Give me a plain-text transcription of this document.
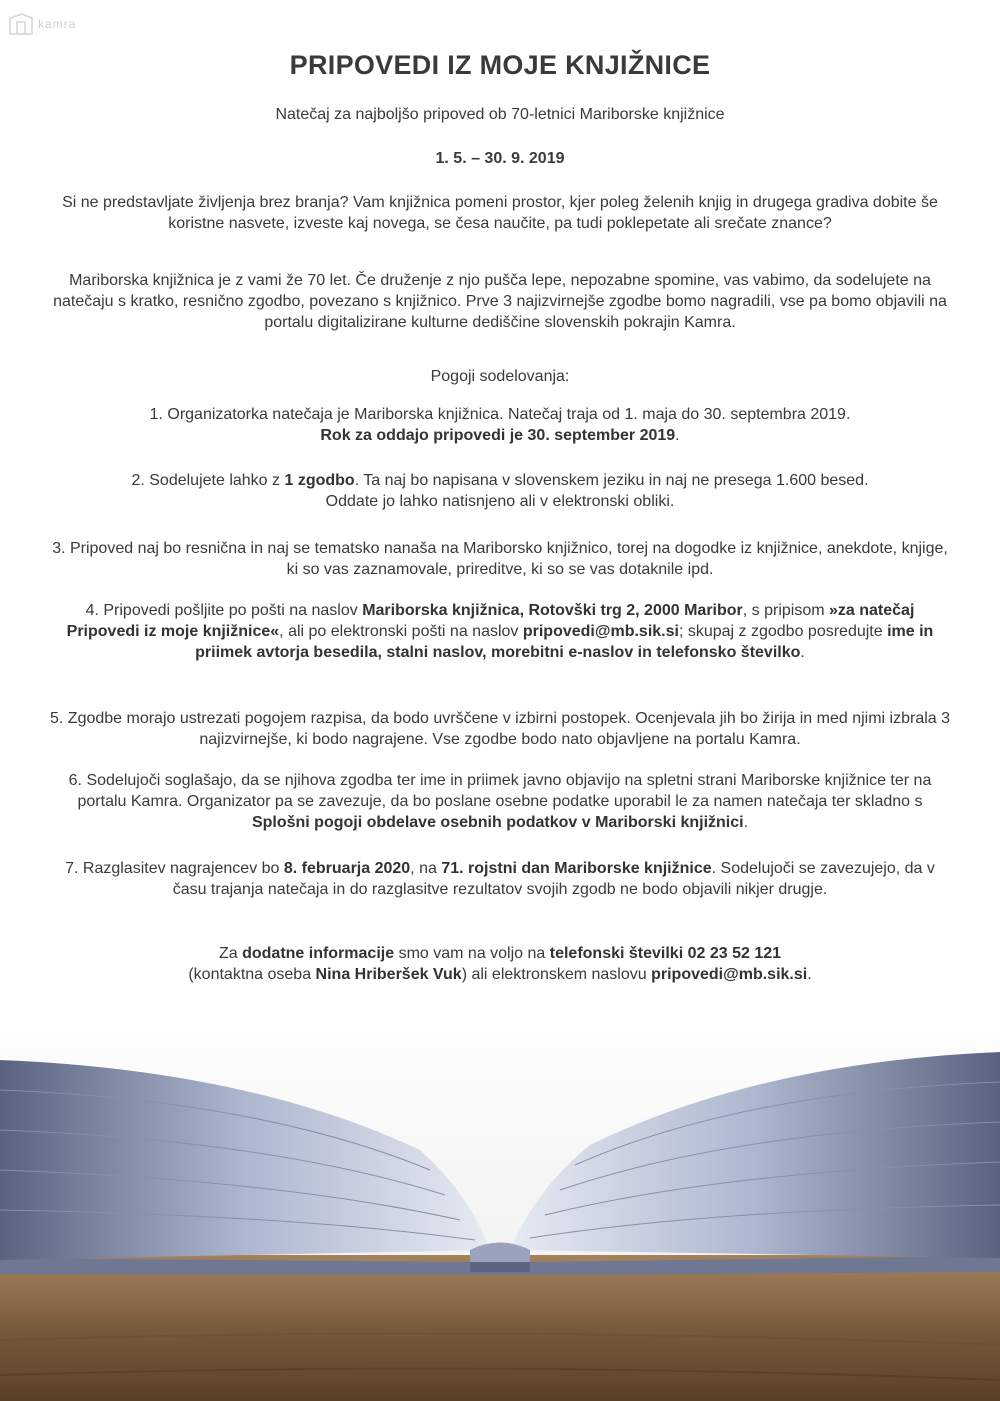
kamra
PRIPOVEDI IZ MOJE KNJIŽNICE
Natečaj za najboljšo pripoved ob 70-letnici Mariborske knjižnice
1. 5. – 30. 9. 2019
Si ne predstavljate življenja brez branja? Vam knjižnica pomeni prostor, kjer poleg želenih knjig in drugega gradiva dobite še koristne nasvete, izveste kaj novega, se česa naučite, pa tudi poklepetate ali srečate znance?
Mariborska knjižnica je z vami že 70 let. Če druženje z njo pušča lepe, nepozabne spomine, vas vabimo, da sodelujete na natečaju s kratko, resnično zgodbo, povezano s knjižnico. Prve 3 najizvirnejše zgodbe bomo nagradili, vse pa bomo objavili na portalu digitalizirane kulturne dediščine slovenskih pokrajin Kamra.
Pogoji sodelovanja:
1. Organizatorka natečaja je Mariborska knjižnica. Natečaj traja od 1. maja do 30. septembra 2019.
Rok za oddajo pripovedi je 30. september 2019.
2. Sodelujete lahko z 1 zgodbo. Ta naj bo napisana v slovenskem jeziku in naj ne presega 1.600 besed.
Oddate jo lahko natisnjeno ali v elektronski obliki.
3. Pripoved naj bo resnična in naj se tematsko nanaša na Mariborsko knjižnico, torej na dogodke iz knjižnice, anekdote, knjige, ki so vas zaznamovale, prireditve, ki so se vas dotaknile ipd.
4. Pripovedi pošljite po pošti na naslov Mariborska knjižnica, Rotovški trg 2, 2000 Maribor, s pripisom »za natečaj Pripovedi iz moje knjižnice«, ali po elektronski pošti na naslov pripovedi@mb.sik.si; skupaj z zgodbo posredujte ime in priimek avtorja besedila, stalni naslov, morebitni e-naslov in telefonsko številko.
5. Zgodbe morajo ustrezati pogojem razpisa, da bodo uvrščene v izbirni postopek. Ocenjevala jih bo žirija in med njimi izbrala 3 najizvirnejše, ki bodo nagrajene. Vse zgodbe bodo nato objavljene na portalu Kamra.
6. Sodelujoči soglašajo, da se njihova zgodba ter ime in priimek javno objavijo na spletni strani Mariborske knjižnice ter na portalu Kamra. Organizator pa se zavezuje, da bo poslane osebne podatke uporabil le za namen natečaja ter skladno s Splošni pogoji obdelave osebnih podatkov v Mariborski knjižnici.
7. Razglasitev nagrajencev bo 8. februarja 2020, na 71. rojstni dan Mariborske knjižnice. Sodelujoči se zavezujejo, da v času trajanja natečaja in do razglasitve rezultatov svojih zgodb ne bodo objavili nikjer drugje.
Za dodatne informacije smo vam na voljo na telefonski številki 02 23 52 121
(kontaktna oseba Nina Hriberšek Vuk) ali elektronskem naslovu pripovedi@mb.sik.si.
